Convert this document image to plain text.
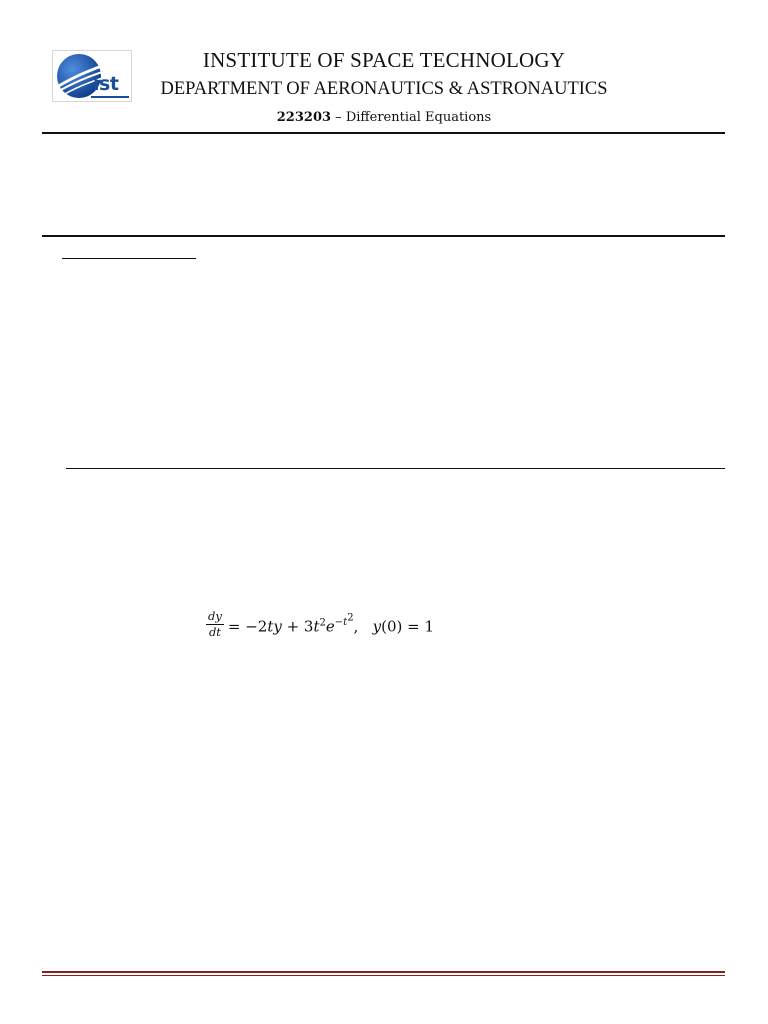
ist
INSTITUTE OF SPACE TECHNOLOGY
DEPARTMENT OF AERONAUTICS & ASTRONAUTICS
223203 – Differential Equations
$\frac{dy}{dt} = -2ty + 3t^2e^{-t^2}$, y(0) = 1
